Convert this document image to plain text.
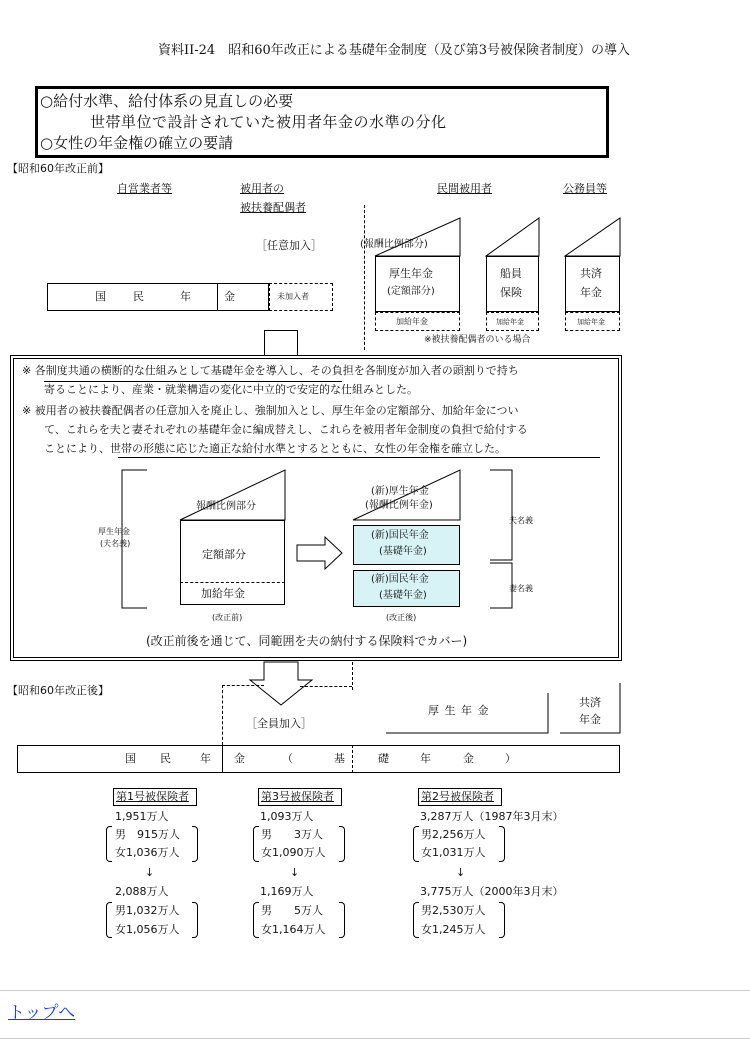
資料II-24　昭和60年改正による基礎年金制度（及び第3号被保険者制度）の導入
○給付水準、給付体系の見直しの必要
世帯単位で設計されていた被用者年金の水準の分化
○女性の年金権の確立の要請
【昭和60年改正前】
自営業者等	被用者の
被扶養配偶者
民間被用者	公務員等
［任意加入］	(報酬比例部分)
厚生年金
(定額部分)
船員
保険
共済
年金
国 民	年	金	未加入者
加給年金	加給年金	加給年金
※被扶養配偶者のいる場合
※ 各制度共通の横断的な仕組みとして基礎年金を導入し、その負担を各制度が加入者の頭割りで持ち
寄ることにより、産業・就業構造の変化に中立的で安定的な仕組みとした。
※ 被用者の被扶養配偶者の任意加入を廃止し、強制加入とし、厚生年金の定額部分、加給年金につい
て、これらを夫と妻それぞれの基礎年金に編成替えし、これらを被用者年金制度の負担で給付する
ことにより、世帯の形態に応じた適正な給付水準とするとともに、女性の年金権を確立した。
厚生年金
(夫名義)
報酬比例部分
定額部分
加給年金
(改正前)
(新)厚生年金
(報酬比例年金)
(新)国民年金
(基礎年金)
(新)国民年金
(基礎年金)
夫名義
妻名義
(改正後)
(改正前後を通じて、同範囲を夫の納付する保険料でカバー)
【昭和60年改正後】
［全員加入］
厚 生 年 金
共済
年金
国 民	年 金	（	基	礎	年	金	）
第1号被保険者
1,951万人
男　915万人
女1,036万人
↓
2,088万人
男1,032万人
女1,056万人
第3号被保険者
1,093万人
男　　3万人
女1,090万人
↓
1,169万人
男　　5万人
女1,164万人
第2号被保険者
3,287万人（1987年3月末）
男2,256万人
女1,031万人
↓
3,775万人（2000年3月末）
男2,530万人
女1,245万人
トップへ
